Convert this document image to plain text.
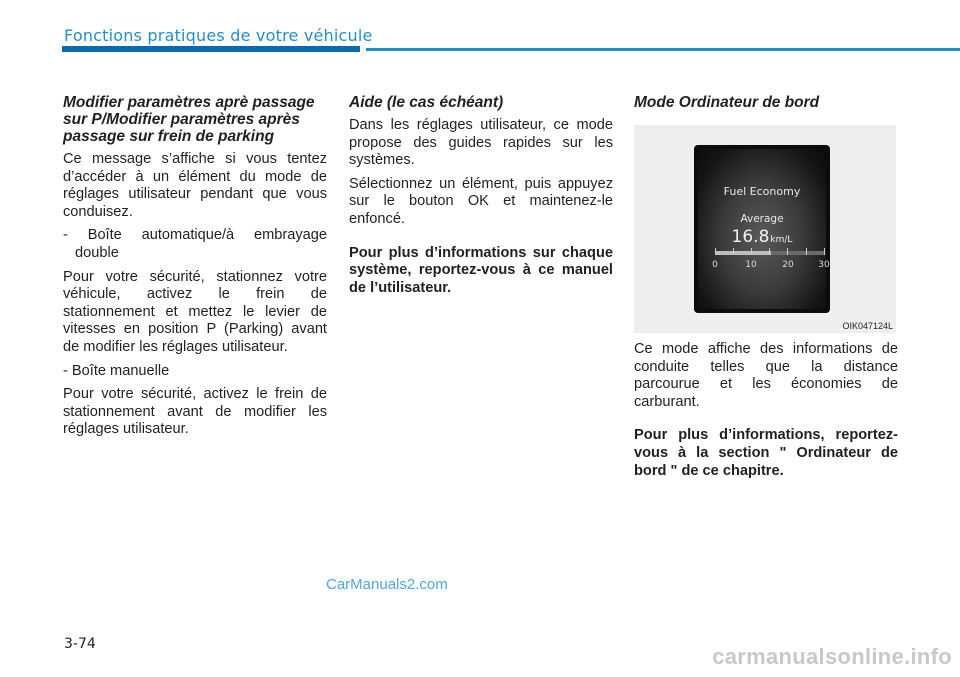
Fonctions pratiques de votre véhicule
Modifier paramètres aprè passage sur P/Modifier paramètres après passage sur frein de parking

Ce message s’affiche si vous tentez d’accéder à un élément du mode de réglages utilisateur pendant que vous conduisez.

- Boîte automatique/à embrayage double

Pour votre sécurité, stationnez votre véhicule, activez le frein de stationnement et mettez le levier de vitesses en position P (Parking) avant de modifier les réglages utilisateur.

- Boîte manuelle

Pour votre sécurité, activez le frein de stationnement avant de modifier les réglages utilisateur.

Aide (le cas échéant)

Dans les réglages utilisateur, ce mode propose des guides rapides sur les systèmes.

Sélectionnez un élément, puis appuyez sur le bouton OK et maintenez-le enfoncé.

Pour plus d’informations sur chaque système, reportez-vous à ce manuel de l’utilisateur.

Mode Ordinateur de bord
Fuel Economy
Average
16.8km/L
0	10	20	30
OIK047124L

Ce mode affiche des informations de conduite telles que la distance parcourue et les économies de carburant.

Pour plus d’informations, reportez-vous à la section " Ordinateur de bord " de ce chapitre.

CarManuals2.com
3-74	carmanualsonline.info
